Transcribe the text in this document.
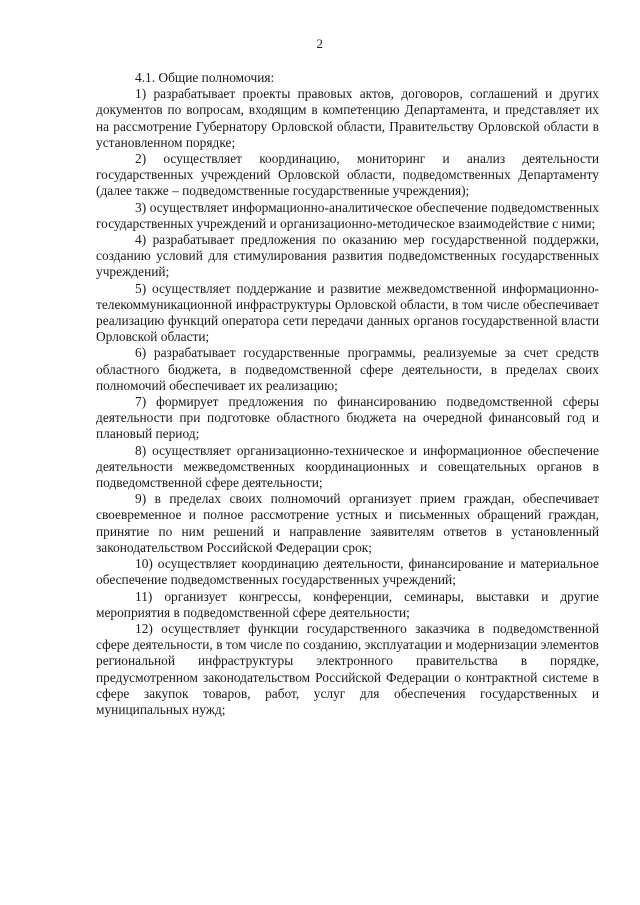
2

4.1. Общие полномочия:

1) разрабатывает проекты правовых актов, договоров, соглашений и других документов по вопросам, входящим в компетенцию Департамента, и представляет их на рассмотрение Губернатору Орловской области, Правительству Орловской области в установленном порядке;

2) осуществляет координацию, мониторинг и анализ деятельности государственных учреждений Орловской области, подведомственных Департаменту (далее также – подведомственные государственные учреждения);

3) осуществляет информационно-аналитическое обеспечение подведомственных государственных учреждений и организационно-методическое взаимодействие с ними;

4) разрабатывает предложения по оказанию мер государственной поддержки, созданию условий для стимулирования развития подведомственных государственных учреждений;

5) осуществляет поддержание и развитие межведомственной информационно-телекоммуникационной инфраструктуры Орловской области, в том числе обеспечивает реализацию функций оператора сети передачи данных органов государственной власти Орловской области;

6) разрабатывает государственные программы, реализуемые за счет средств областного бюджета, в подведомственной сфере деятельности, в пределах своих полномочий обеспечивает их реализацию;

7) формирует предложения по финансированию подведомственной сферы деятельности при подготовке областного бюджета на очередной финансовый год и плановый период;

8) осуществляет организационно-техническое и информационное обеспечение деятельности межведомственных координационных и совещательных органов в подведомственной сфере деятельности;

9) в пределах своих полномочий организует прием граждан, обеспечивает своевременное и полное рассмотрение устных и письменных обращений граждан, принятие по ним решений и направление заявителям ответов в установленный законодательством Российской Федерации срок;

10) осуществляет координацию деятельности, финансирование и материальное обеспечение подведомственных государственных учреждений;

11) организует конгрессы, конференции, семинары, выставки и другие мероприятия в подведомственной сфере деятельности;

12) осуществляет функции государственного заказчика в подведомственной сфере деятельности, в том числе по созданию, эксплуатации и модернизации элементов региональной инфраструктуры электронного правительства в порядке, предусмотренном законодательством Российской Федерации о контрактной системе в сфере закупок товаров, работ, услуг для обеспечения государственных и муниципальных нужд;
